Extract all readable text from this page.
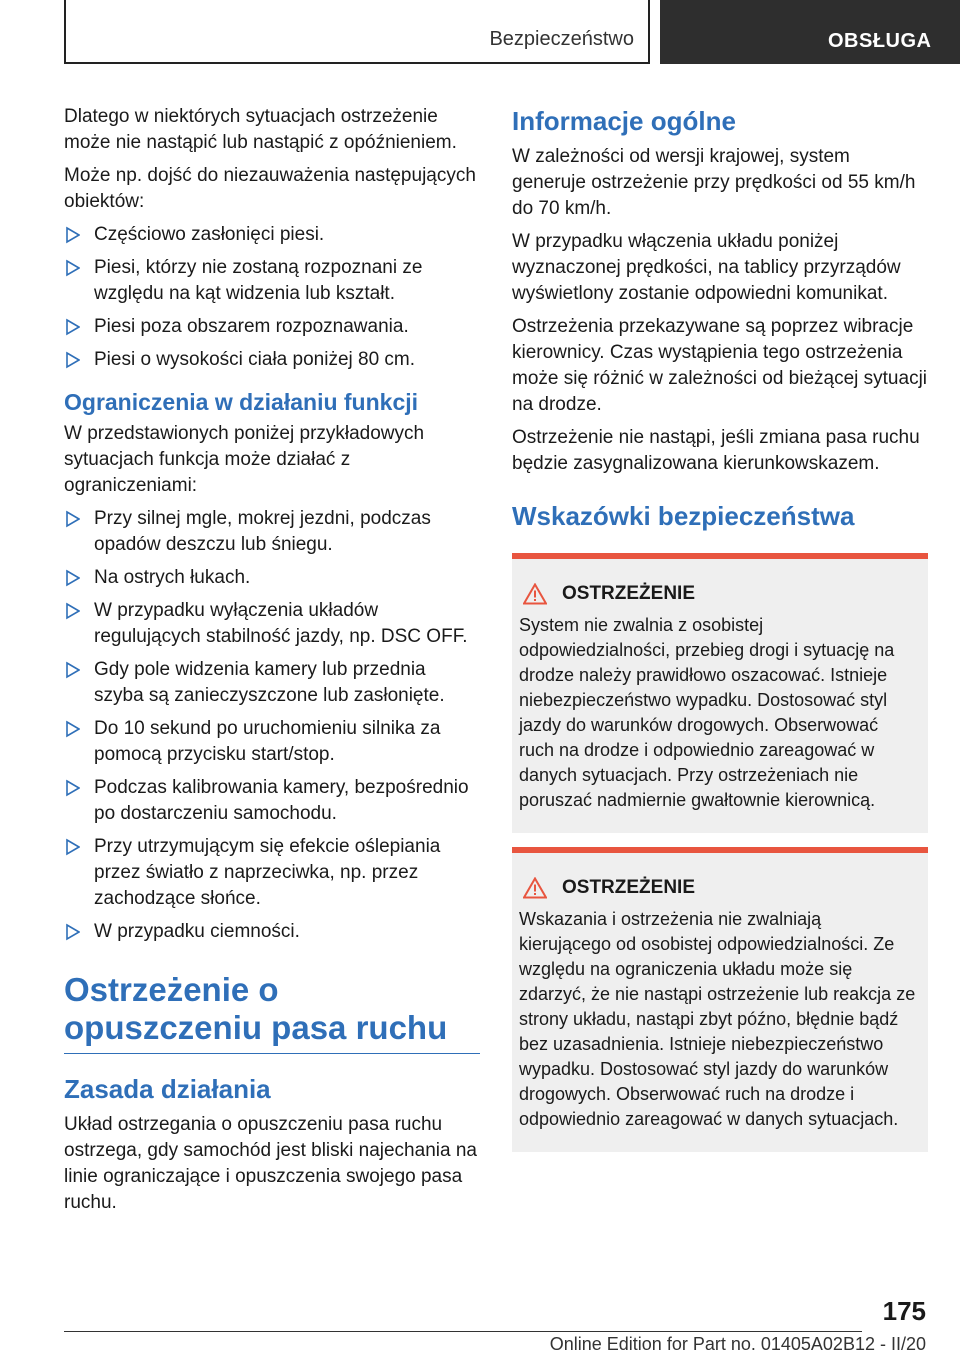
Bezpieczeństwo	OBSŁUGA

Dlatego w niektórych sytuacjach ostrzeżenie może nie nastąpić lub nastąpić z opóźnieniem.

Może np. dojść do niezauważenia następujących obiektów:

Częściowo zasłonięci piesi.
Piesi, którzy nie zostaną rozpoznani ze względu na kąt widzenia lub kształt.
Piesi poza obszarem rozpoznawania.
Piesi o wysokości ciała poniżej 80 cm.
Ograniczenia w działaniu funkcji

W przedstawionych poniżej przykładowych sytuacjach funkcja może działać z ograniczeniami:

Przy silnej mgle, mokrej jezdni, podczas opadów deszczu lub śniegu.
Na ostrych łukach.
W przypadku wyłączenia układów regulujących stabilność jazdy, np. DSC OFF.
Gdy pole widzenia kamery lub przednia szyba są zanieczyszczone lub zasłonięte.
Do 10 sekund po uruchomieniu silnika za pomocą przycisku start/stop.
Podczas kalibrowania kamery, bezpośrednio po dostarczeniu samochodu.
Przy utrzymującym się efekcie oślepiania przez światło z naprzeciwka, np. przez zachodzące słońce.
W przypadku ciemności.
Ostrzeżenie o opuszczeniu pasa ruchu
Zasada działania

Układ ostrzegania o opuszczeniu pasa ruchu ostrzega, gdy samochód jest bliski najechania na linie ograniczające i opuszczenia swojego pasa ruchu.

Informacje ogólne

W zależności od wersji krajowej, system generuje ostrzeżenie przy prędkości od 55 km/h do 70 km/h.

W przypadku włączenia układu poniżej wyznaczonej prędkości, na tablicy przyrządów wyświetlony zostanie odpowiedni komunikat.

Ostrzeżenia przekazywane są poprzez wibracje kierownicy. Czas wystąpienia tego ostrzeżenia może się różnić w zależności od bieżącej sytuacji na drodze.

Ostrzeżenie nie nastąpi, jeśli zmiana pasa ruchu będzie zasygnalizowana kierunkowskazem.

Wskazówki bezpieczeństwa
OSTRZEŻENIE
System nie zwalnia z osobistej odpowiedzialności, przebieg drogi i sytuację na drodze należy prawidłowo oszacować. Istnieje niebezpieczeństwo wypadku. Dostosować styl jazdy do warunków drogowych. Obserwować ruch na drodze i odpowiednio zareagować w danych sytuacjach. Przy ostrzeżeniach nie poruszać nadmiernie gwałtownie kierownicą.
OSTRZEŻENIE
Wskazania i ostrzeżenia nie zwalniają kierującego od osobistej odpowiedzialności. Ze względu na ograniczenia układu może się zdarzyć, że nie nastąpi ostrzeżenie lub reakcja ze strony układu, nastąpi zbyt późno, błędnie bądź bez uzasadnienia. Istnieje niebezpieczeństwo wypadku. Dostosować styl jazdy do warunków drogowych. Obserwować ruch na drodze i odpowiednio zareagować w danych sytuacjach.
175
Online Edition for Part no. 01405A02B12 - II/20
